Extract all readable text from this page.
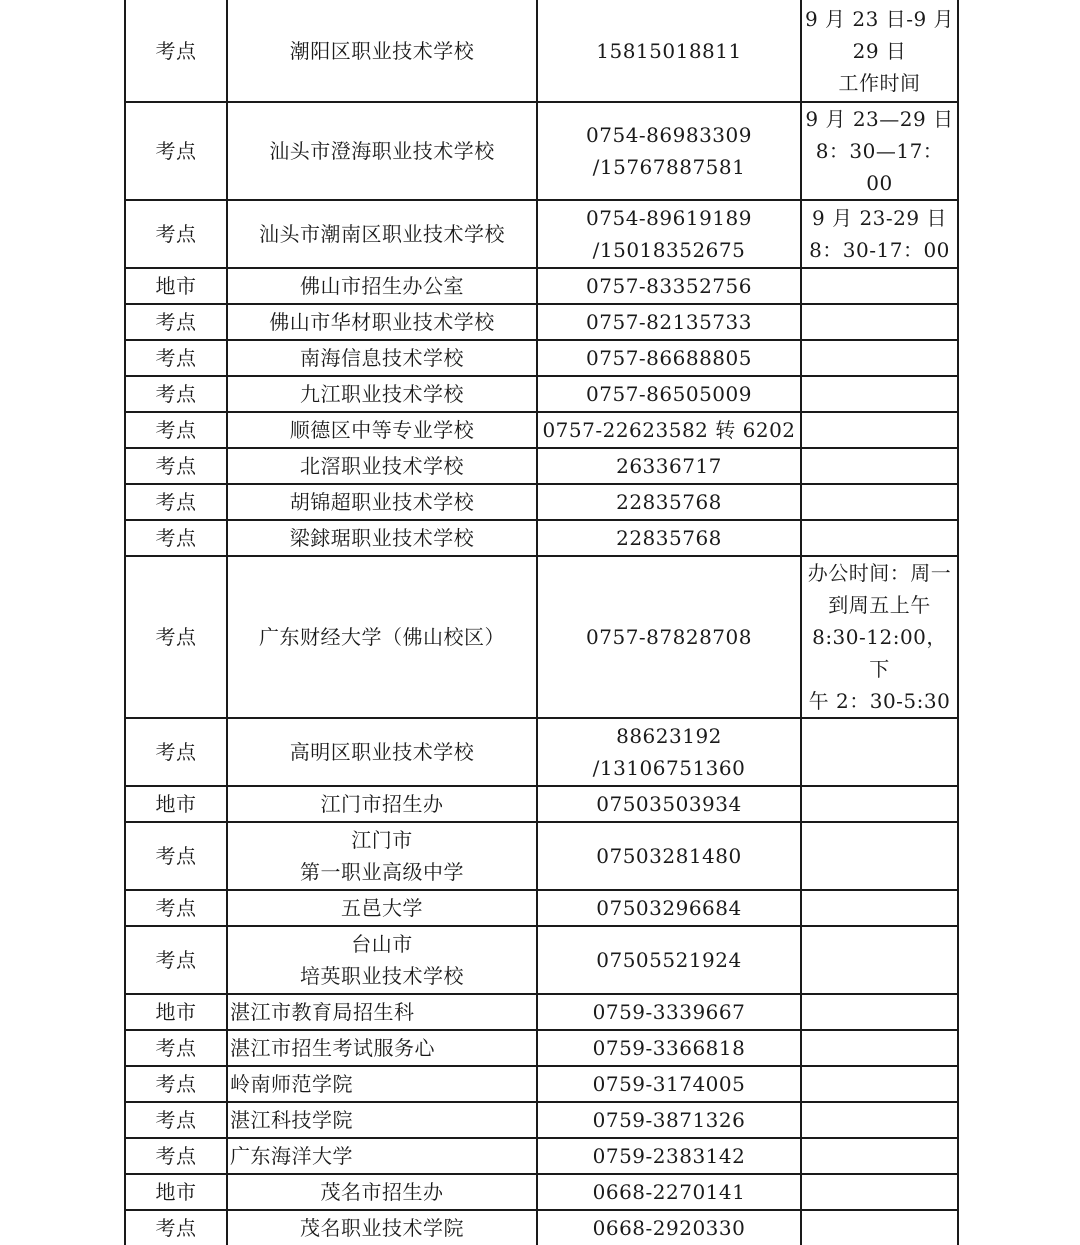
考点	潮阳区职业技术学校	15815018811	9 月 23 日-9 月
29 日
工作时间
考点	汕头市澄海职业技术学校	0754-86983309
/15767887581	9 月 23—29 日
8：30—17：00
考点	汕头市潮南区职业技术学校	0754-89619189
/15018352675	9 月 23-29 日
8：30-17：00
地市	佛山市招生办公室	0757-83352756	
考点	佛山市华材职业技术学校	0757-82135733	
考点	南海信息技术学校	0757-86688805	
考点	九江职业技术学校	0757-86505009	
考点	顺德区中等专业学校	0757-22623582 转 6202	
考点	北滘职业技术学校	26336717	
考点	胡锦超职业技术学校	22835768	
考点	梁銶琚职业技术学校	22835768	
考点	广东财经大学（佛山校区）	0757-87828708	办公时间：周一
到周五上午
8:30-12:00，下
午 2：30-5:30
考点	高明区职业技术学校	88623192
/13106751360	
地市	江门市招生办	07503503934	
考点	江门市
第一职业高级中学	07503281480	
考点	五邑大学	07503296684	
考点	台山市
培英职业技术学校	07505521924	
地市	湛江市教育局招生科	0759-3339667	
考点	湛江市招生考试服务心	0759-3366818	
考点	岭南师范学院	0759-3174005	
考点	湛江科技学院	0759-3871326	
考点	广东海洋大学	0759-2383142	
地市	茂名市招生办	0668-2270141	
考点	茂名职业技术学院	0668-2920330	
